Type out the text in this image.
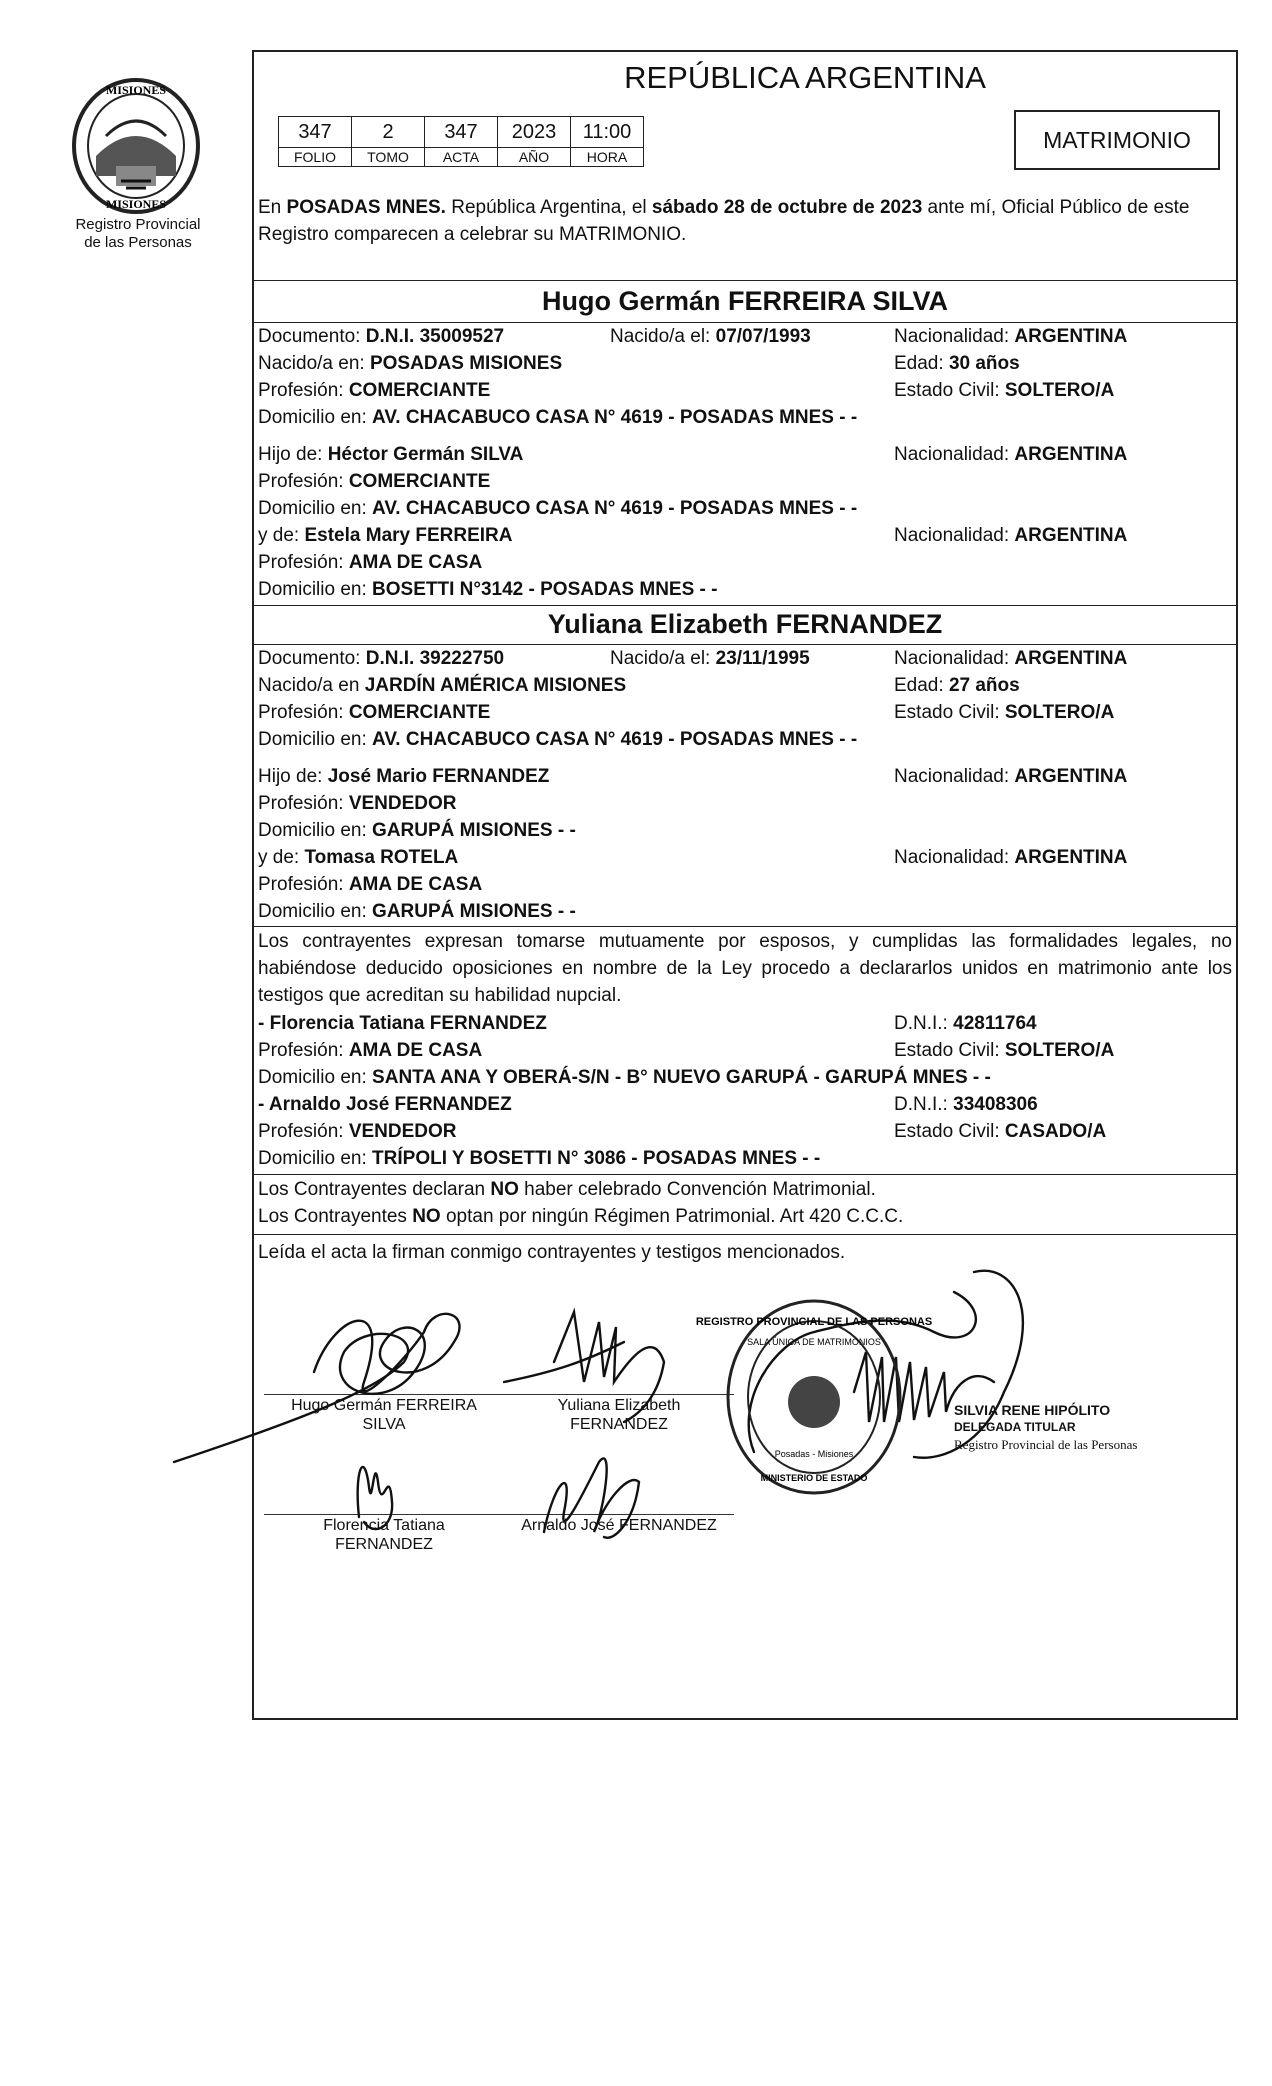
MISIONES
MISIONES
Registro Provincial
de las Personas
REPÚBLICA ARGENTINA
347	2	347	2023	11:00
FOLIO	TOMO	ACTA	AÑO	HORA
MATRIMONIO
En POSADAS MNES. República Argentina, el sábado 28 de octubre de 2023 ante mí, Oficial Público de este Registro comparecen a celebrar su MATRIMONIO.
Hugo Germán FERREIRA SILVA
Documento: D.N.I. 35009527	Nacido/a el: 07/07/1993	Nacionalidad: ARGENTINA
Nacido/a en: POSADAS MISIONES	Edad: 30 años
Profesión: COMERCIANTE	Estado Civil: SOLTERO/A
Domicilio en: AV. CHACABUCO CASA N° 4619 - POSADAS MNES - -
Hijo de: Héctor Germán SILVA	Nacionalidad: ARGENTINA
Profesión: COMERCIANTE
Domicilio en: AV. CHACABUCO CASA N° 4619 - POSADAS MNES - -
y de: Estela Mary FERREIRA	Nacionalidad: ARGENTINA
Profesión: AMA DE CASA
Domicilio en: BOSETTI N°3142 - POSADAS MNES - -
Yuliana Elizabeth FERNANDEZ
Documento: D.N.I. 39222750	Nacido/a el: 23/11/1995	Nacionalidad: ARGENTINA
Nacido/a en JARDÍN AMÉRICA MISIONES	Edad: 27 años
Profesión: COMERCIANTE	Estado Civil: SOLTERO/A
Domicilio en: AV. CHACABUCO CASA N° 4619 - POSADAS MNES - -
Hijo de: José Mario FERNANDEZ	Nacionalidad: ARGENTINA
Profesión: VENDEDOR
Domicilio en: GARUPÁ MISIONES - -
y de: Tomasa ROTELA	Nacionalidad: ARGENTINA
Profesión: AMA DE CASA
Domicilio en: GARUPÁ MISIONES - -
Los contrayentes expresan tomarse mutuamente por esposos, y cumplidas las formalidades legales, no habiéndose deducido oposiciones en nombre de la Ley procedo a declararlos unidos en matrimonio ante los testigos que acreditan su habilidad nupcial.
- Florencia Tatiana FERNANDEZ	D.N.I.: 42811764
Profesión: AMA DE CASA	Estado Civil: SOLTERO/A
Domicilio en: SANTA ANA Y OBERÁ-S/N - B° NUEVO GARUPÁ - GARUPÁ MNES - -
- Arnaldo José FERNANDEZ	D.N.I.: 33408306
Profesión: VENDEDOR	Estado Civil: CASADO/A
Domicilio en: TRÍPOLI Y BOSETTI N° 3086 - POSADAS MNES - -
Los Contrayentes declaran NO haber celebrado Convención Matrimonial.
Los Contrayentes NO optan por ningún Régimen Patrimonial. Art 420 C.C.C.
Leída el acta la firman conmigo contrayentes y testigos mencionados.
Hugo Germán FERREIRA
SILVA
Yuliana Elizabeth
FERNANDEZ
Florencia Tatiana
FERNANDEZ
Arnaldo José FERNANDEZ
REGISTRO PROVINCIAL DE LAS PERSONAS
SALA ÚNICA DE MATRIMONIOS
Posadas - Misiones
MINISTERIO DE ESTADO
SILVIA RENE HIPÓLITO
DELEGADA TITULAR
Registro Provincial de las Personas
